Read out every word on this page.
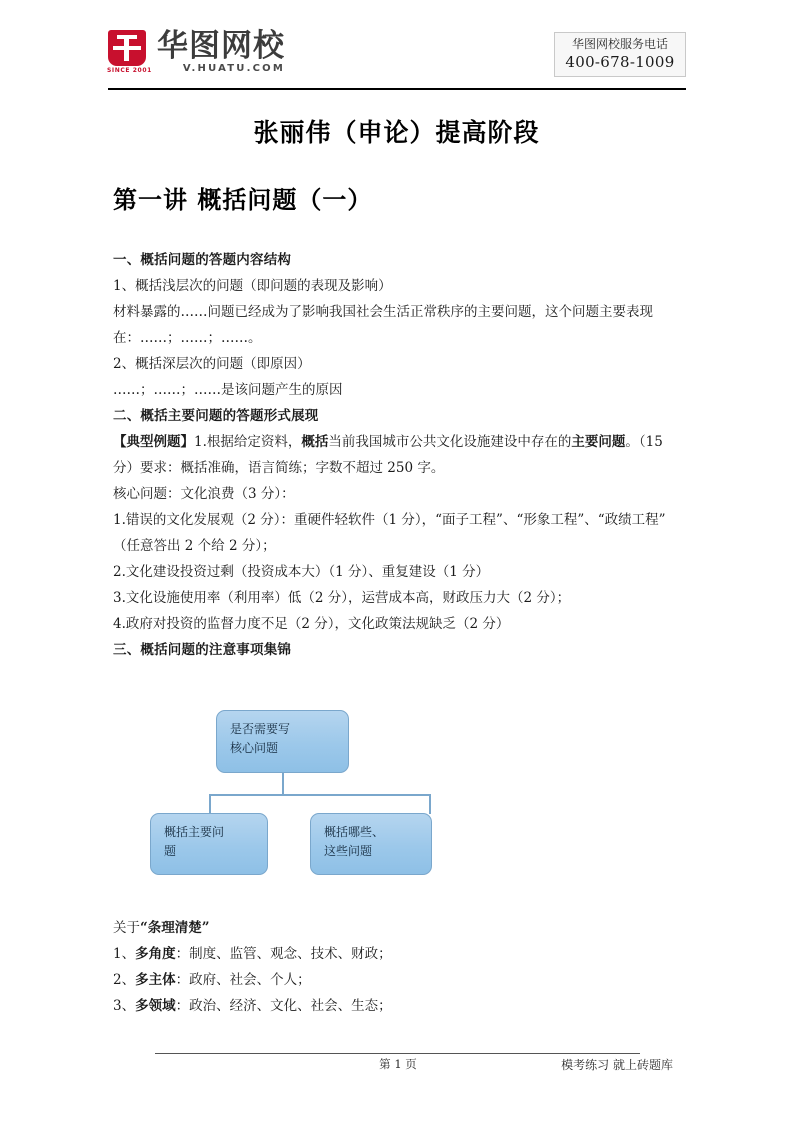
SINCE 2001
华图网校
V.HUATU.COM
华图网校服务电话
400-678-1009
张丽伟（申论）提高阶段
第一讲 概括问题（一）
一、概括问题的答题内容结构
1、概括浅层次的问题（即问题的表现及影响）
材料暴露的……问题已经成为了影响我国社会生活正常秩序的主要问题，这个问题主要表现
在：……；……；……。
2、概括深层次的问题（即原因）
……；……；……是该问题产生的原因
二、概括主要问题的答题形式展现
【典型例题】1.根据给定资料，概括当前我国城市公共文化设施建设中存在的主要问题。（15
分）要求：概括准确，语言简练；字数不超过 250 字。
核心问题：文化浪费（3 分）：
1.错误的文化发展观（2 分）：重硬件轻软件（1 分），“面子工程”、“形象工程”、“政绩工程”
（任意答出 2 个给 2 分）；
2.文化建设投资过剩（投资成本大）（1 分）、重复建设（1 分）
3.文化设施使用率（利用率）低（2 分），运营成本高，财政压力大（2 分）；
4.政府对投资的监督力度不足（2 分），文化政策法规缺乏（2 分）
三、概括问题的注意事项集锦
是否需要写
核心问题
概括主要问
题
概括哪些、
这些问题
关于“条理清楚”
1、多角度：制度、监管、观念、技术、财政；
2、多主体：政府、社会、个人；
3、多领域：政治、经济、文化、社会、生态；
第 1 页	模考练习 就上砖题库
